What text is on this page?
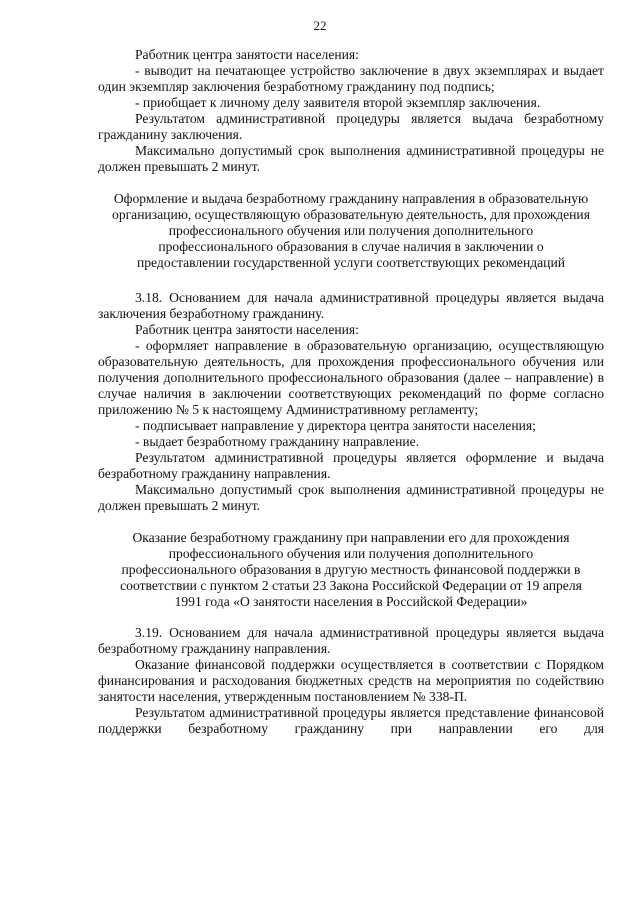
22

Работник центра занятости населения:

- выводит на печатающее устройство заключение в двух экземплярах и выдает один экземпляр заключения безработному гражданину под подпись;

- приобщает к личному делу заявителя второй экземпляр заключения.

Результатом административной процедуры является выдача безработному гражданину заключения.

Максимально допустимый срок выполнения административной процедуры не должен превышать 2 минут.

Оформление и выдача безработному гражданину направления в образовательную организацию, осуществляющую образовательную деятельность, для прохождения профессионального обучения или получения дополнительного профессионального образования в случае наличия в заключении о предоставлении государственной услуги соответствующих рекомендаций

3.18. Основанием для начала административной процедуры является выдача заключения безработному гражданину.

Работник центра занятости населения:

- оформляет направление в образовательную организацию, осуществляющую образовательную деятельность, для прохождения профессионального обучения или получения дополнительного профессионального образования (далее – направление) в случае наличия в заключении соответствующих рекомендаций по форме согласно приложению № 5 к настоящему Административному регламенту;

- подписывает направление у директора центра занятости населения;

- выдает безработному гражданину направление.

Результатом административной процедуры является оформление и выдача безработному гражданину направления.

Максимально допустимый срок выполнения административной процедуры не должен превышать 2 минут.

Оказание безработному гражданину при направлении его для прохождения профессионального обучения или получения дополнительного профессионального образования в другую местность финансовой поддержки в соответствии с пунктом 2 статьи 23 Закона Российской Федерации от 19 апреля 1991 года «О занятости населения в Российской Федерации»

3.19. Основанием для начала административной процедуры является выдача безработному гражданину направления.

Оказание финансовой поддержки осуществляется в соответствии с Порядком финансирования и расходования бюджетных средств на мероприятия по содействию занятости населения, утвержденным постановлением № 338-П.

Результатом административной процедуры является представление финансовой поддержки безработному гражданину при направлении его для
